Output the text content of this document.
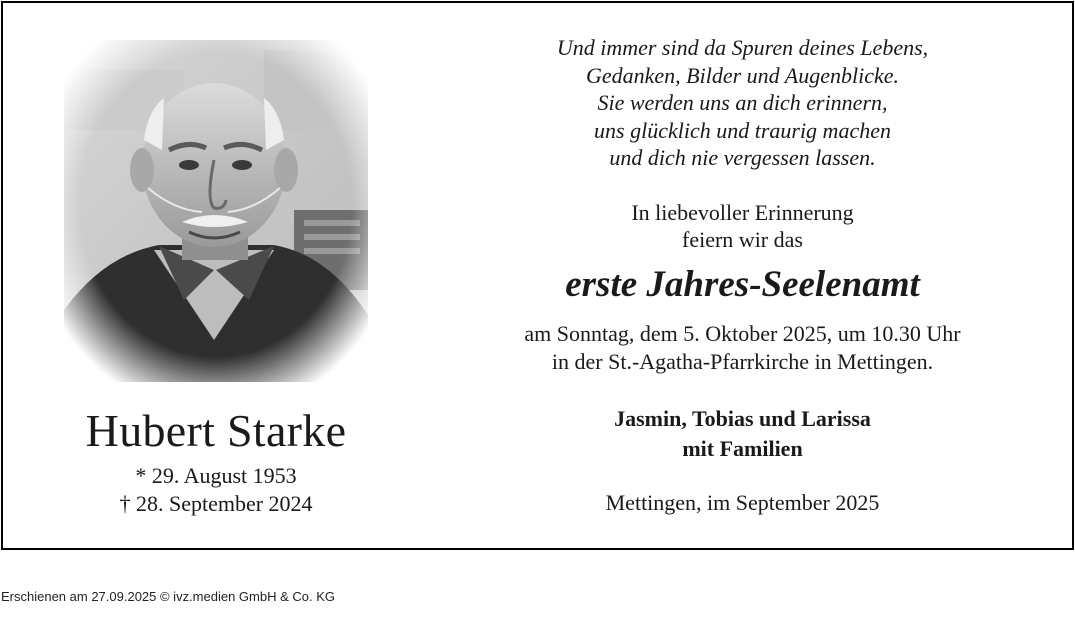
Hubert Starke
* 29. August 1953
† 28. September 2024
Und immer sind da Spuren deines Lebens,
Gedanken, Bilder und Augenblicke.
Sie werden uns an dich erinnern,
uns glücklich und traurig machen
und dich nie vergessen lassen.
In liebevoller Erinnerung
feiern wir das
erste Jahres-Seelenamt
am Sonntag, dem 5. Oktober 2025, um 10.30 Uhr
in der St.-Agatha-Pfarrkirche in Mettingen.
Jasmin, Tobias und Larissa
mit Familien
Mettingen, im September 2025
Erschienen am 27.09.2025 © ivz.medien GmbH & Co. KG
